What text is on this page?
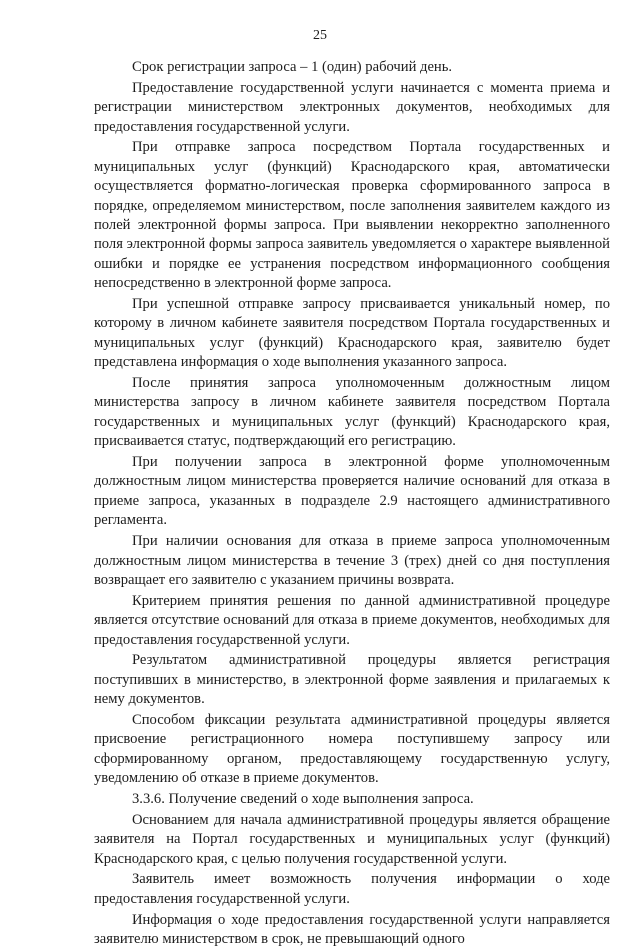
25

Срок регистрации запроса – 1 (один) рабочий день.

Предоставление государственной услуги начинается с момента приема и регистрации министерством электронных документов, необходимых для предоставления государственной услуги.

При отправке запроса посредством Портала государственных и муниципальных услуг (функций) Краснодарского края, автоматически осуществляется форматно-логическая проверка сформированного запроса в порядке, определяемом министерством, после заполнения заявителем каждого из полей электронной формы запроса. При выявлении некорректно заполненного поля электронной формы запроса заявитель уведомляется о характере выявленной ошибки и порядке ее устранения посредством информационного сообщения непосредственно в электронной форме запроса.

При успешной отправке запросу присваивается уникальный номер, по которому в личном кабинете заявителя посредством Портала государственных и муниципальных услуг (функций) Краснодарского края, заявителю будет представлена информация о ходе выполнения указанного запроса.

После принятия запроса уполномоченным должностным лицом министерства запросу в личном кабинете заявителя посредством Портала государственных и муниципальных услуг (функций) Краснодарского края, присваивается статус, подтверждающий его регистрацию.

При получении запроса в электронной форме уполномоченным должностным лицом министерства проверяется наличие оснований для отказа в приеме запроса, указанных в подразделе 2.9 настоящего административного регламента.

При наличии основания для отказа в приеме запроса уполномоченным должностным лицом министерства в течение 3 (трех) дней со дня поступления возвращает его заявителю с указанием причины возврата.

Критерием принятия решения по данной административной процедуре является отсутствие оснований для отказа в приеме документов, необходимых для предоставления государственной услуги.

Результатом административной процедуры является регистрация поступивших в министерство, в электронной форме заявления и прилагаемых к нему документов.

Способом фиксации результата административной процедуры является присвоение регистрационного номера поступившему запросу или сформированному органом, предоставляющему государственную услугу, уведомлению об отказе в приеме документов.

3.3.6. Получение сведений о ходе выполнения запроса.

Основанием для начала административной процедуры является обращение заявителя на Портал государственных и муниципальных услуг (функций) Краснодарского края, с целью получения государственной услуги.

Заявитель имеет возможность получения информации о ходе предоставления государственной услуги.

Информация о ходе предоставления государственной услуги направляется заявителю министерством в срок, не превышающий одного
